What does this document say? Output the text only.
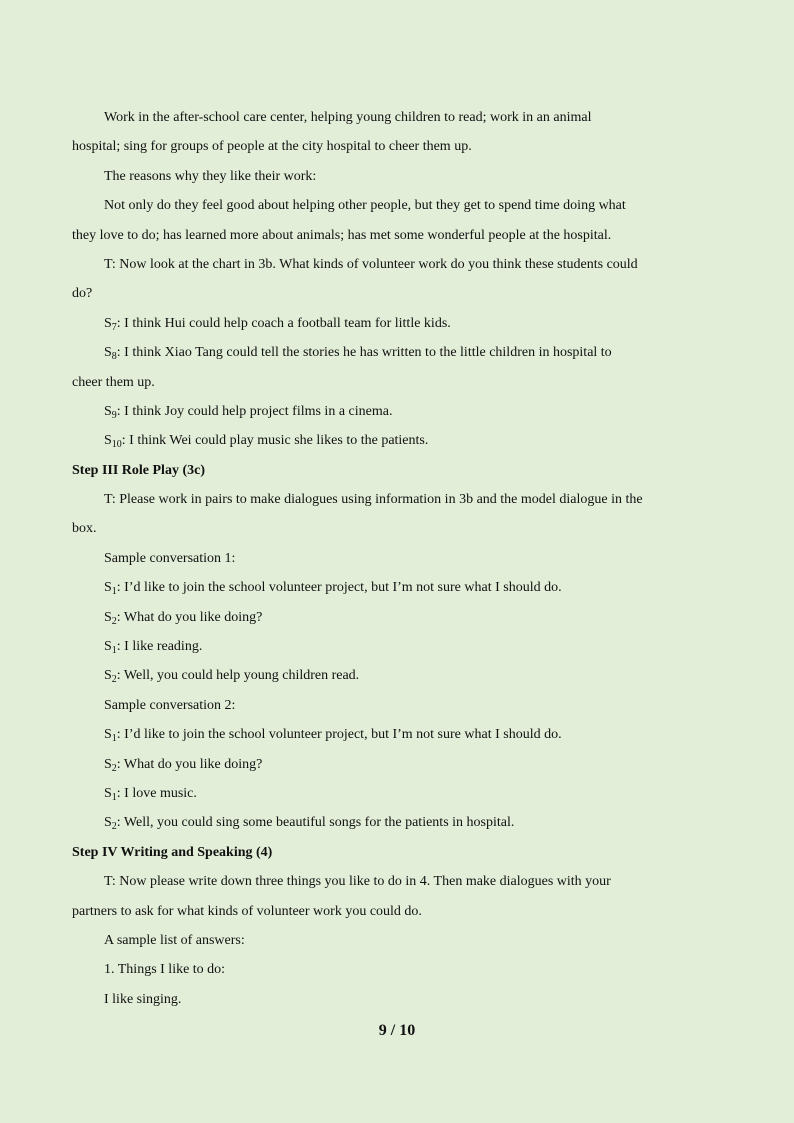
Work in the after-school care center, helping young children to read; work in an animal
hospital; sing for groups of people at the city hospital to cheer them up.
The reasons why they like their work:
Not only do they feel good about helping other people, but they get to spend time doing what
they love to do; has learned more about animals; has met some wonderful people at the hospital.
T: Now look at the chart in 3b. What kinds of volunteer work do you think these students could
do?
$S_7$: I think Hui could help coach a football team for little kids.
$S_8$: I think Xiao Tang could tell the stories he has written to the little children in hospital to
cheer them up.
$S_9$: I think Joy could help project films in a cinema.
$S_{10}$: I think Wei could play music she likes to the patients.
Step III Role Play (3c)
T: Please work in pairs to make dialogues using information in 3b and the model dialogue in the
box.
Sample conversation 1:
$S_1$: I’d like to join the school volunteer project, but I’m not sure what I should do.
$S_2$: What do you like doing?
$S_1$: I like reading.
$S_2$: Well, you could help young children read.
Sample conversation 2:
$S_1$: I’d like to join the school volunteer project, but I’m not sure what I should do.
$S_2$: What do you like doing?
$S_1$: I love music.
$S_2$: Well, you could sing some beautiful songs for the patients in hospital.
Step IV Writing and Speaking (4)
T: Now please write down three things you like to do in 4. Then make dialogues with your
partners to ask for what kinds of volunteer work you could do.
A sample list of answers:
1. Things I like to do:
I like singing.
9 / 10
